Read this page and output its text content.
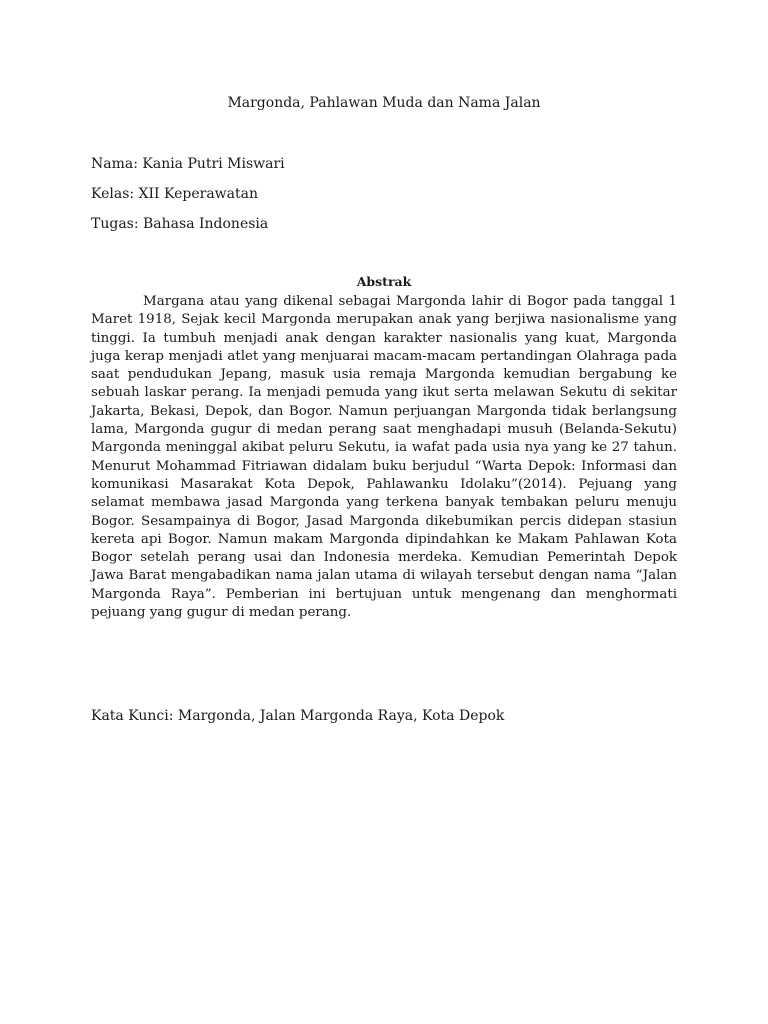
Margonda, Pahlawan Muda dan Nama Jalan
Nama: Kania Putri Miswari
Kelas: XII Keperawatan
Tugas: Bahasa Indonesia
Abstrak

Margana atau yang dikenal sebagai Margonda lahir di Bogor pada tanggal 1 Maret 1918, Sejak kecil Margonda merupakan anak yang berjiwa nasionalisme yang tinggi. Ia tumbuh menjadi anak dengan karakter nasionalis yang kuat, Margonda juga kerap menjadi atlet yang menjuarai macam-macam pertandingan Olahraga pada saat pendudukan Jepang, masuk usia remaja Margonda kemudian bergabung ke sebuah laskar perang. Ia menjadi pemuda yang ikut serta melawan Sekutu di sekitar Jakarta, Bekasi, Depok, dan Bogor. Namun perjuangan Margonda tidak berlangsung lama, Margonda gugur di medan perang saat menghadapi musuh (Belanda-Sekutu) Margonda meninggal akibat peluru Sekutu, ia wafat pada usia nya yang ke 27 tahun. Menurut Mohammad Fitriawan didalam buku berjudul “Warta Depok: Informasi dan komunikasi Masarakat Kota Depok, Pahlawanku Idolaku”(2014). Pejuang yang selamat membawa jasad Margonda yang terkena banyak tembakan peluru menuju Bogor. Sesampainya di Bogor, Jasad Margonda dikebumikan percis didepan stasiun kereta api Bogor. Namun makam Margonda dipindahkan ke Makam Pahlawan Kota Bogor setelah perang usai dan Indonesia merdeka. Kemudian Pemerintah Depok Jawa Barat mengabadikan nama jalan utama di wilayah tersebut dengan nama “Jalan Margonda Raya”. Pemberian ini bertujuan untuk mengenang dan menghormati pejuang yang gugur di medan perang.

Kata Kunci: Margonda, Jalan Margonda Raya, Kota Depok
